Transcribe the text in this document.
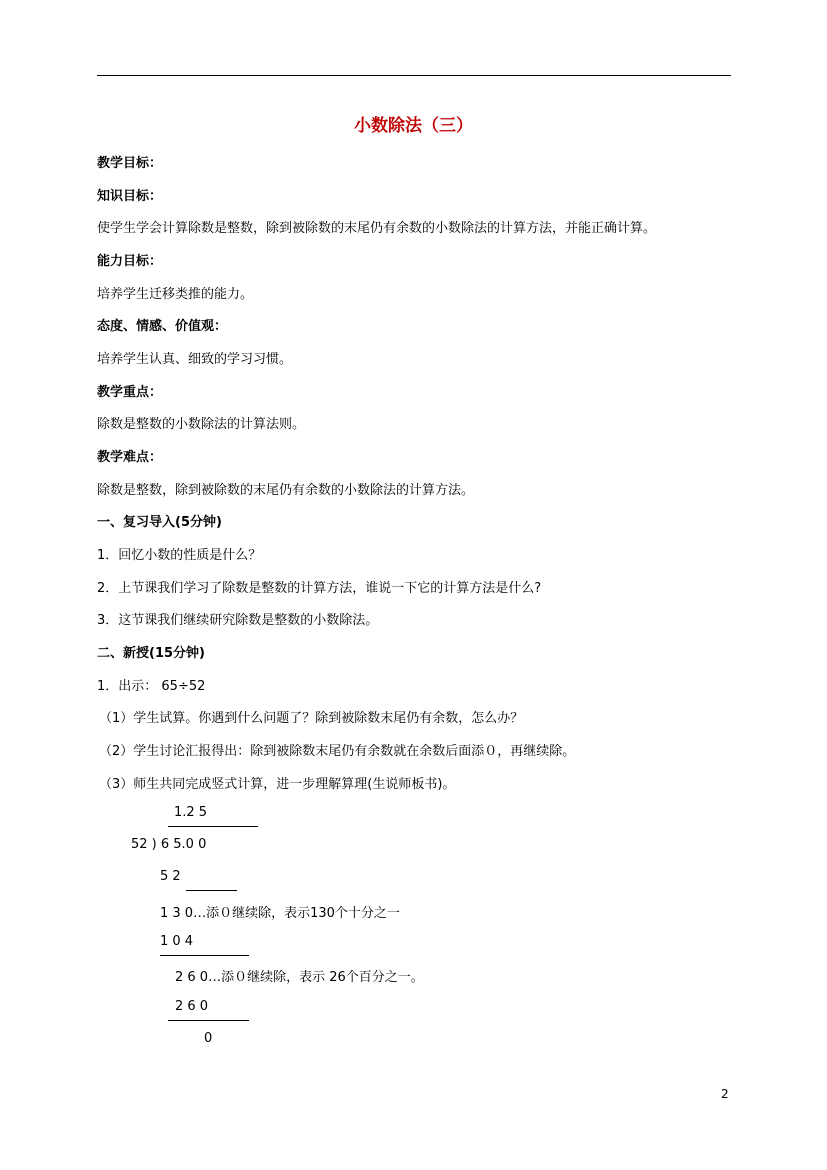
小数除法（三）
教学目标：
知识目标：
使学生学会计算除数是整数，除到被除数的末尾仍有余数的小数除法的计算方法，并能正确计算。
能力目标：
培养学生迁移类推的能力。
态度、情感、价值观：
培养学生认真、细致的学习习惯。
教学重点：
除数是整数的小数除法的计算法则。
教学难点：
除数是整数，除到被除数的末尾仍有余数的小数除法的计算方法。
一、复习导入(5分钟)
1．回忆小数的性质是什么？
2．上节课我们学习了除数是整数的计算方法，谁说一下它的计算方法是什么?
3．这节课我们继续研究除数是整数的小数除法。
二、新授(15分钟)
1．出示： 65÷52
（1）学生试算。你遇到什么问题了？除到被除数末尾仍有余数，怎么办？
（2）学生讨论汇报得出：除到被除数末尾仍有余数就在余数后面添０，再继续除。
（3）师生共同完成竖式计算，进一步理解算理(生说师板书)。
1.2 5
52 ) 6 5.0 0
5 2
1 3 0…添０继续除，表示130个十分之一
1 0 4
2 6 0…添０继续除，表示 26个百分之一。
2 6 0
0
2
